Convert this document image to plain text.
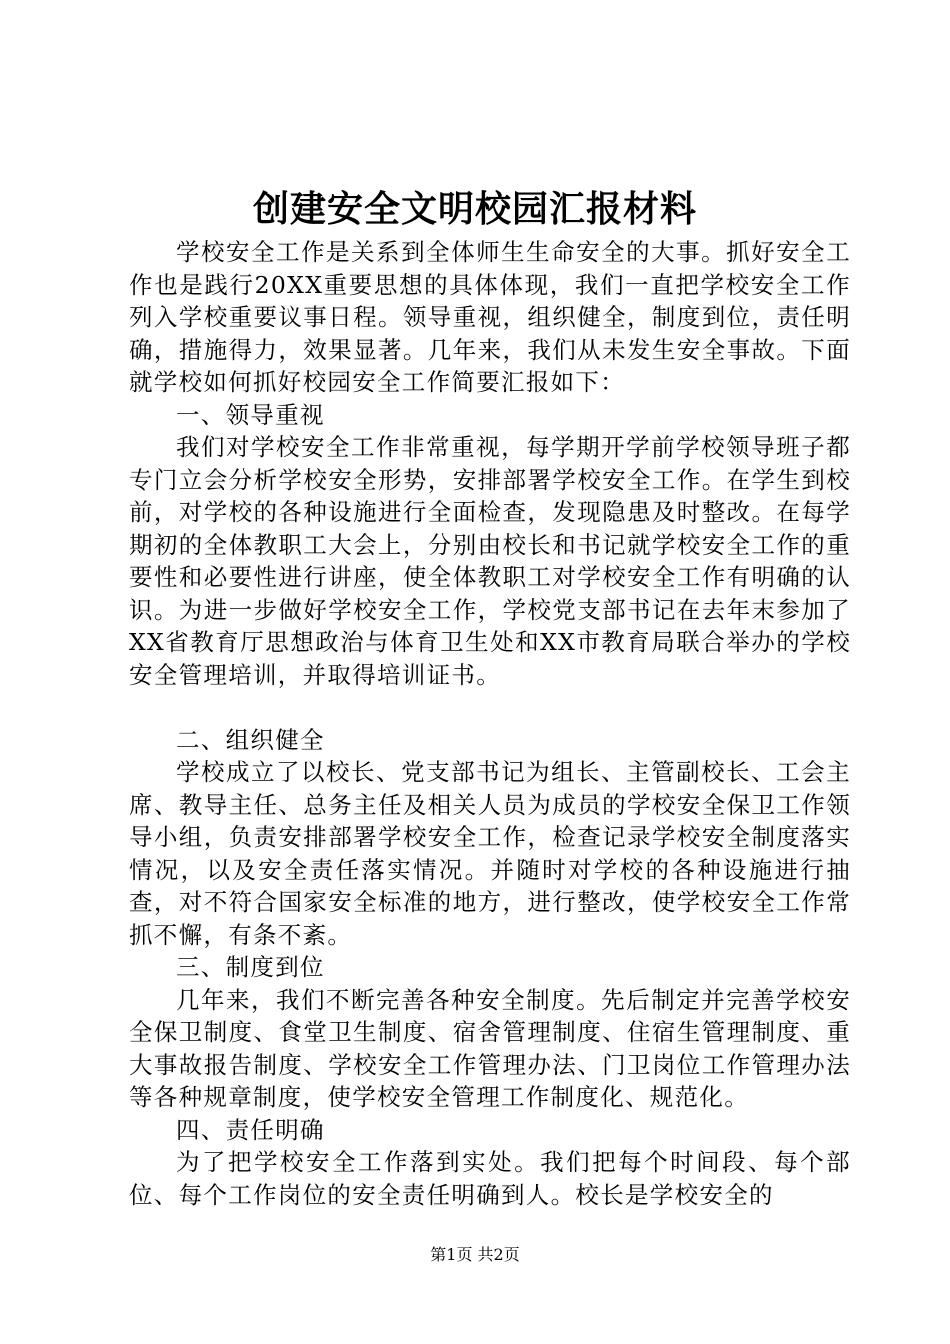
创建安全文明校园汇报材料

学校安全工作是关系到全体师生生命安全的大事。抓好安全工作也是践行20XX重要思想的具体体现，我们一直把学校安全工作列入学校重要议事日程。领导重视，组织健全，制度到位，责任明确，措施得力，效果显著。几年来，我们从未发生安全事故。下面就学校如何抓好校园安全工作简要汇报如下：

一、领导重视

我们对学校安全工作非常重视，每学期开学前学校领导班子都专门立会分析学校安全形势，安排部署学校安全工作。在学生到校前，对学校的各种设施进行全面检查，发现隐患及时整改。在每学期初的全体教职工大会上，分别由校长和书记就学校安全工作的重要性和必要性进行讲座，使全体教职工对学校安全工作有明确的认识。为进一步做好学校安全工作，学校党支部书记在去年末参加了XX省教育厅思想政治与体育卫生处和XX市教育局联合举办的学校安全管理培训，并取得培训证书。

二、组织健全

学校成立了以校长、党支部书记为组长、主管副校长、工会主席、教导主任、总务主任及相关人员为成员的学校安全保卫工作领导小组，负责安排部署学校安全工作，检查记录学校安全制度落实情况，以及安全责任落实情况。并随时对学校的各种设施进行抽查，对不符合国家安全标准的地方，进行整改，使学校安全工作常抓不懈，有条不紊。

三、制度到位

几年来，我们不断完善各种安全制度。先后制定并完善学校安全保卫制度、食堂卫生制度、宿舍管理制度、住宿生管理制度、重大事故报告制度、学校安全工作管理办法、门卫岗位工作管理办法等各种规章制度，使学校安全管理工作制度化、规范化。

四、责任明确

为了把学校安全工作落到实处。我们把每个时间段、每个部位、每个工作岗位的安全责任明确到人。校长是学校安全的

第1页 共2页
